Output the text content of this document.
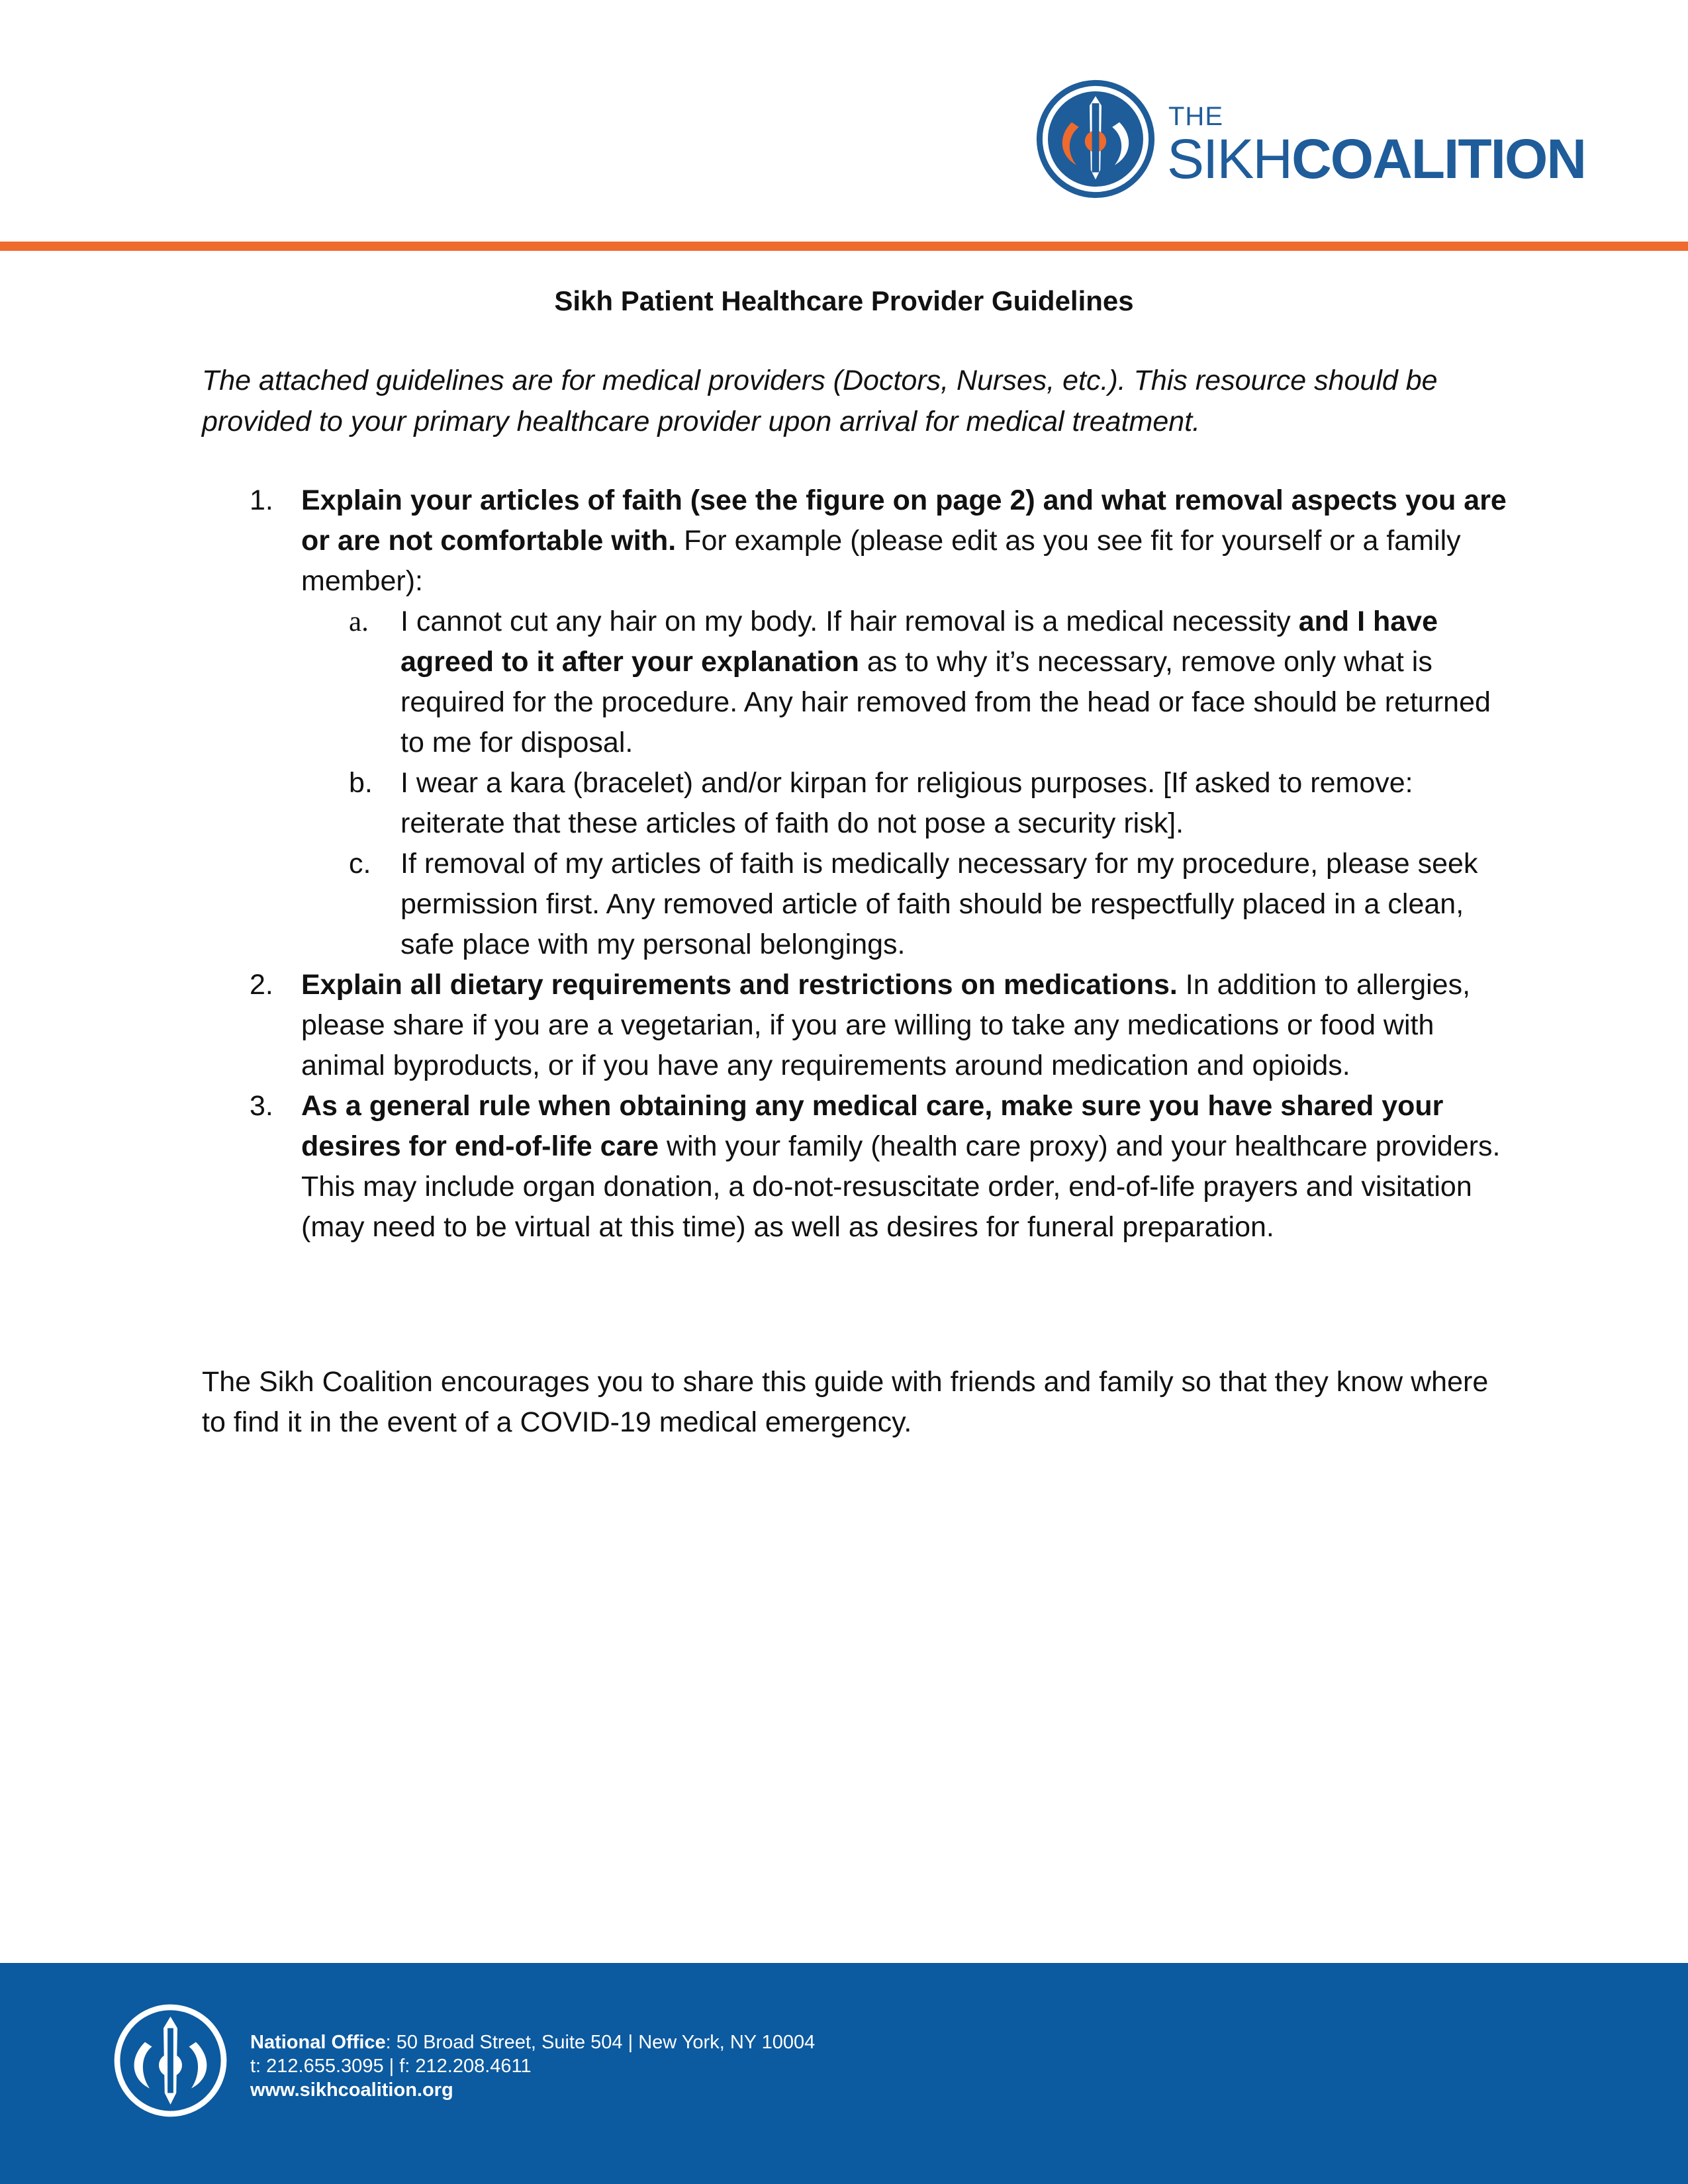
THE
SIKHCOALITION
Sikh Patient Healthcare Provider Guidelines
The attached guidelines are for medical providers (Doctors, Nurses, etc.). This resource should be provided to your primary healthcare provider upon arrival for medical treatment.
1. Explain your articles of faith (see the figure on page 2) and what removal aspects you are or are not comfortable with. For example (please edit as you see fit for yourself or a family member):
a. I cannot cut any hair on my body. If hair removal is a medical necessity and I have agreed to it after your explanation as to why it’s necessary, remove only what is required for the procedure. Any hair removed from the head or face should be returned to me for disposal.
b. I wear a kara (bracelet) and/or kirpan for religious purposes. [If asked to remove: reiterate that these articles of faith do not pose a security risk].
c. If removal of my articles of faith is medically necessary for my procedure, please seek permission first. Any removed article of faith should be respectfully placed in a clean, safe place with my personal belongings.
2. Explain all dietary requirements and restrictions on medications. In addition to allergies, please share if you are a vegetarian, if you are willing to take any medications or food with animal byproducts, or if you have any requirements around medication and opioids.
3. As a general rule when obtaining any medical care, make sure you have shared your desires for end-of-life care with your family (health care proxy) and your healthcare providers. This may include organ donation, a do-not-resuscitate order, end-of-life prayers and visitation (may need to be virtual at this time) as well as desires for funeral preparation.
The Sikh Coalition encourages you to share this guide with friends and family so that they know where to find it in the event of a COVID-19 medical emergency.
National Office: 50 Broad Street, Suite 504 | New York, NY 10004
t: 212.655.3095 | f: 212.208.4611
www.sikhcoalition.org
